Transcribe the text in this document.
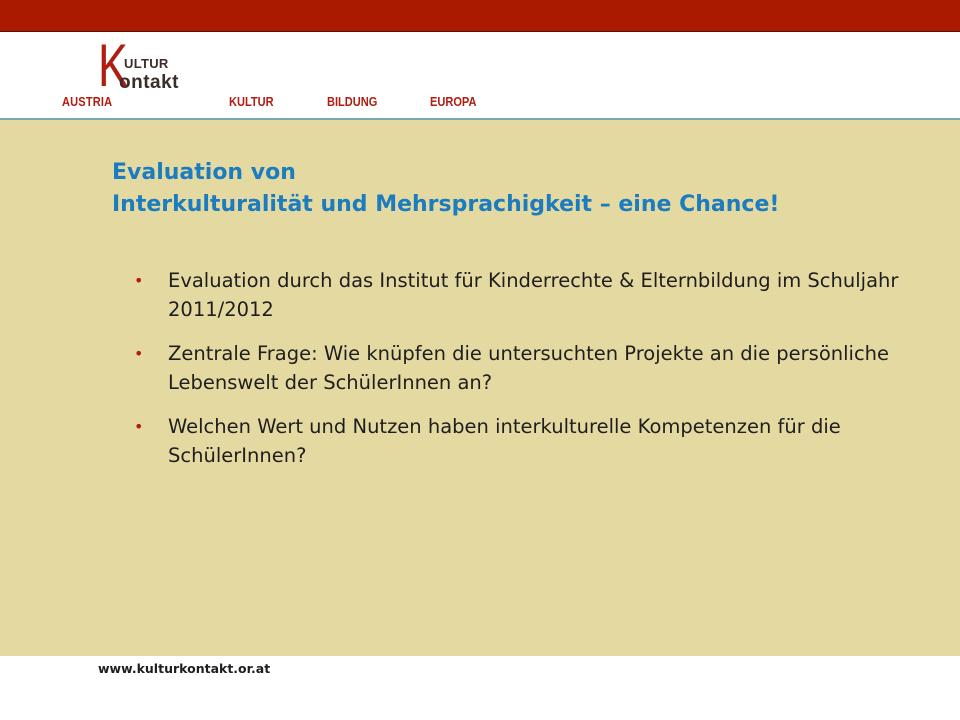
K
ULTUR
ontakt
AUSTRIA	KULTUR	BILDUNG	EUROPA
Evaluation von
Interkulturalität und Mehrsprachigkeit – eine Chance!
• Evaluation durch das Institut für Kinderrechte & Elternbildung im Schuljahr 2011/2012
• Zentrale Frage: Wie knüpfen die untersuchten Projekte an die persönliche Lebenswelt der SchülerInnen an?
• Welchen Wert und Nutzen haben interkulturelle Kompetenzen für die SchülerInnen?
www.kulturkontakt.or.at
